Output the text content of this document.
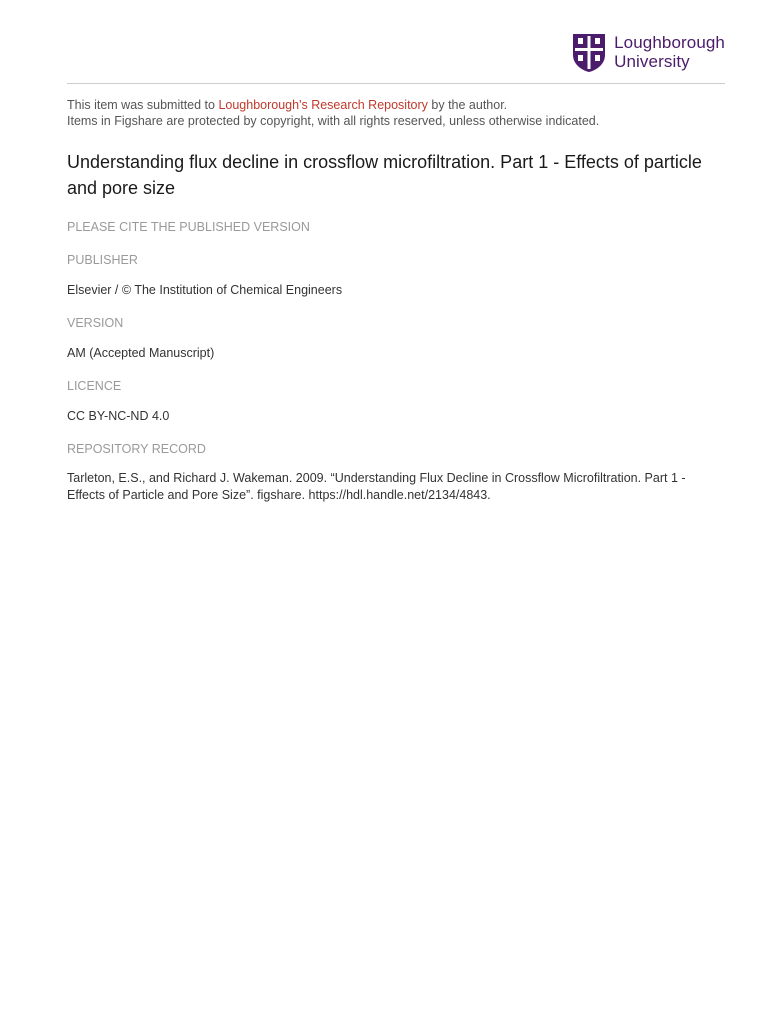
Loughborough
University

This item was submitted to Loughborough's Research Repository by the author.
Items in Figshare are protected by copyright, with all rights reserved, unless otherwise indicated.

Understanding flux decline in crossflow microfiltration. Part 1 - Effects of particle and pore size

PLEASE CITE THE PUBLISHED VERSION

PUBLISHER

Elsevier / © The Institution of Chemical Engineers

VERSION

AM (Accepted Manuscript)

LICENCE

CC BY-NC-ND 4.0

REPOSITORY RECORD

Tarleton, E.S., and Richard J. Wakeman. 2009. “Understanding Flux Decline in Crossflow Microfiltration. Part 1 - Effects of Particle and Pore Size”. figshare. https://hdl.handle.net/2134/4843.
